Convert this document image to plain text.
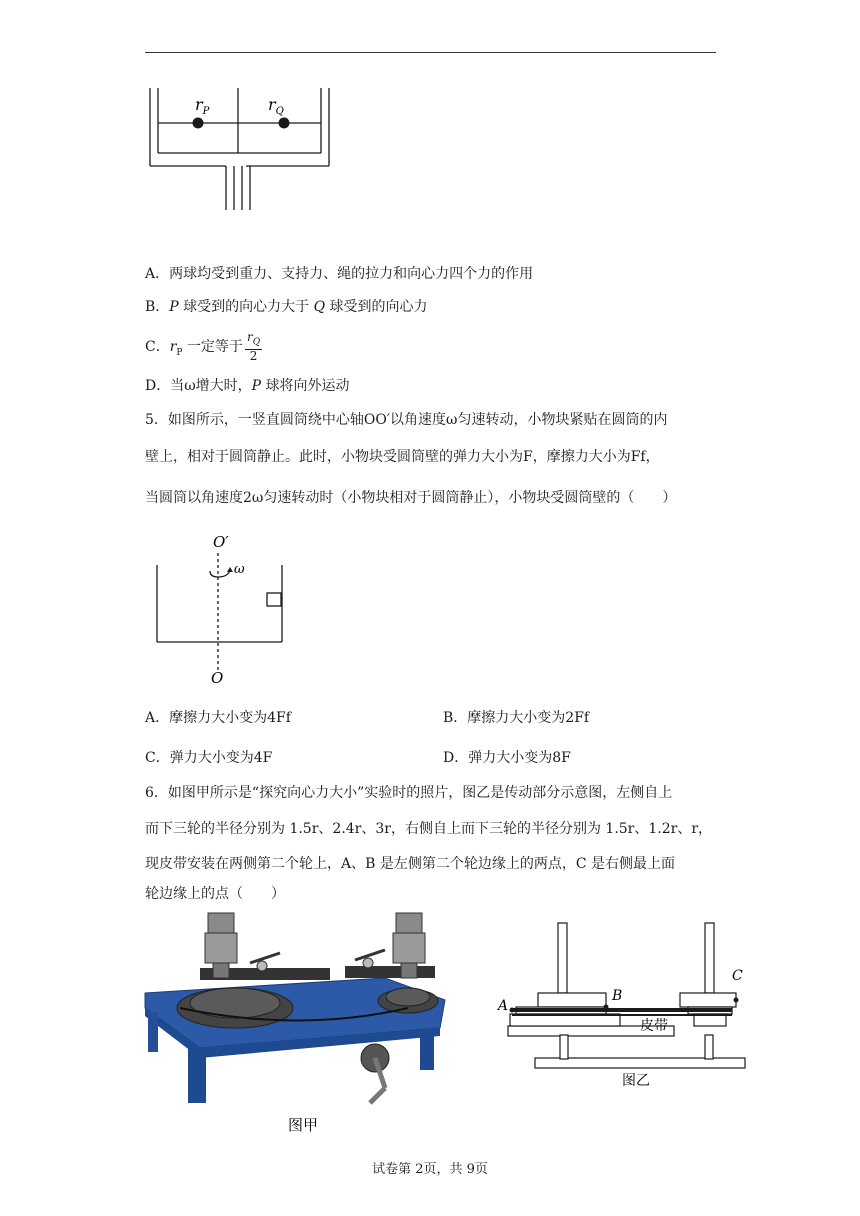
$r_P$	$r_Q$
A．两球均受到重力、支持力、绳的拉力和向心力四个力的作用
B．P 球受到的向心力大于 Q 球受到的向心力
C．$r_P$ 一定等于 $\frac{r_Q}{2}$
D．当ω增大时，P 球将向外运动
5．如图所示，一竖直圆筒绕中心轴OO′以角速度ω匀速转动，小物块紧贴在圆筒的内
壁上，相对于圆筒静止。此时，小物块受圆筒壁的弹力大小为F，摩擦力大小为Ff，
当圆筒以角速度2ω匀速转动时（小物块相对于圆筒静止），小物块受圆筒壁的（　　）
O′
ω
O
A．摩擦力大小变为4Ff	B．摩擦力大小变为2Ff
C．弹力大小变为4F	D．弹力大小变为8F
6．如图甲所示是“探究向心力大小”实验时的照片，图乙是传动部分示意图，左侧自上
而下三轮的半径分别为 1.5r、2.4r、3r，右侧自上而下三轮的半径分别为 1.5r、1.2r、r，
现皮带安装在两侧第二个轮上，A、B 是左侧第二个轮边缘上的两点，C 是右侧最上面
轮边缘上的点（　　）
图甲
A
B
C
皮带
图乙
试卷第 2页，共 9页
